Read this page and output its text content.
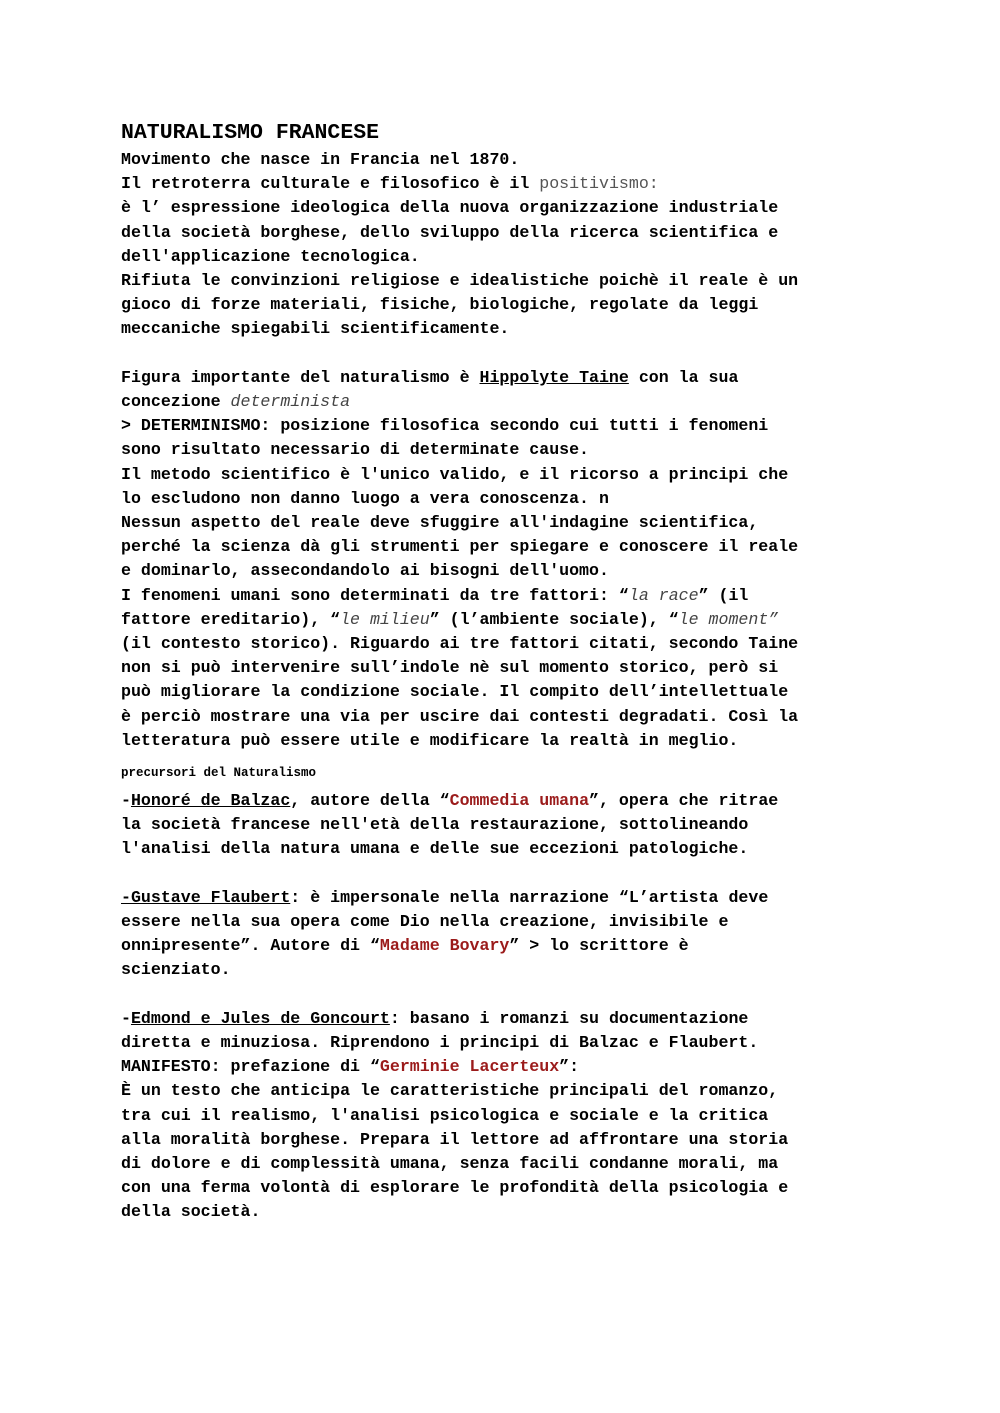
NATURALISMO FRANCESE

Movimento che nasce in Francia nel 1870.

Il retroterra culturale e filosofico è il positivismo:

è l’ espressione ideologica della nuova organizzazione industriale

della società borghese, dello sviluppo della ricerca scientifica e

dell'applicazione tecnologica.

Rifiuta le convinzioni religiose e idealistiche poichè il reale è un

gioco di forze materiali, fisiche, biologiche, regolate da leggi

meccaniche spiegabili scientificamente.

Figura importante del naturalismo è Hippolyte Taine con la sua

concezione determinista

> DETERMINISMO: posizione filosofica secondo cui tutti i fenomeni

sono risultato necessario di determinate cause.

Il metodo scientifico è l'unico valido, e il ricorso a principi che

lo escludono non danno luogo a vera conoscenza. n

Nessun aspetto del reale deve sfuggire all'indagine scientifica,

perché la scienza dà gli strumenti per spiegare e conoscere il reale

e dominarlo, assecondandolo ai bisogni dell'uomo.

I fenomeni umani sono determinati da tre fattori: “la race” (il

fattore ereditario), “le milieu” (l’ambiente sociale), “le moment”

(il contesto storico). Riguardo ai tre fattori citati, secondo Taine

non si può intervenire sull’indole nè sul momento storico, però si

può migliorare la condizione sociale. Il compito dell’intellettuale

è perciò mostrare una via per uscire dai contesti degradati. Così la

letteratura può essere utile e modificare la realtà in meglio.

precursori del Naturalismo

-Honoré de Balzac, autore della “Commedia umana”, opera che ritrae

la società francese nell'età della restaurazione, sottolineando

l'analisi della natura umana e delle sue eccezioni patologiche.

-Gustave Flaubert: è impersonale nella narrazione “L’artista deve

essere nella sua opera come Dio nella creazione, invisibile e

onnipresente”. Autore di “Madame Bovary” > lo scrittore è

scienziato.

-Edmond e Jules de Goncourt: basano i romanzi su documentazione

diretta e minuziosa. Riprendono i principi di Balzac e Flaubert.

MANIFESTO: prefazione di “Germinie Lacerteux”:

È un testo che anticipa le caratteristiche principali del romanzo,

tra cui il realismo, l'analisi psicologica e sociale e la critica

alla moralità borghese. Prepara il lettore ad affrontare una storia

di dolore e di complessità umana, senza facili condanne morali, ma

con una ferma volontà di esplorare le profondità della psicologia e

della società.
